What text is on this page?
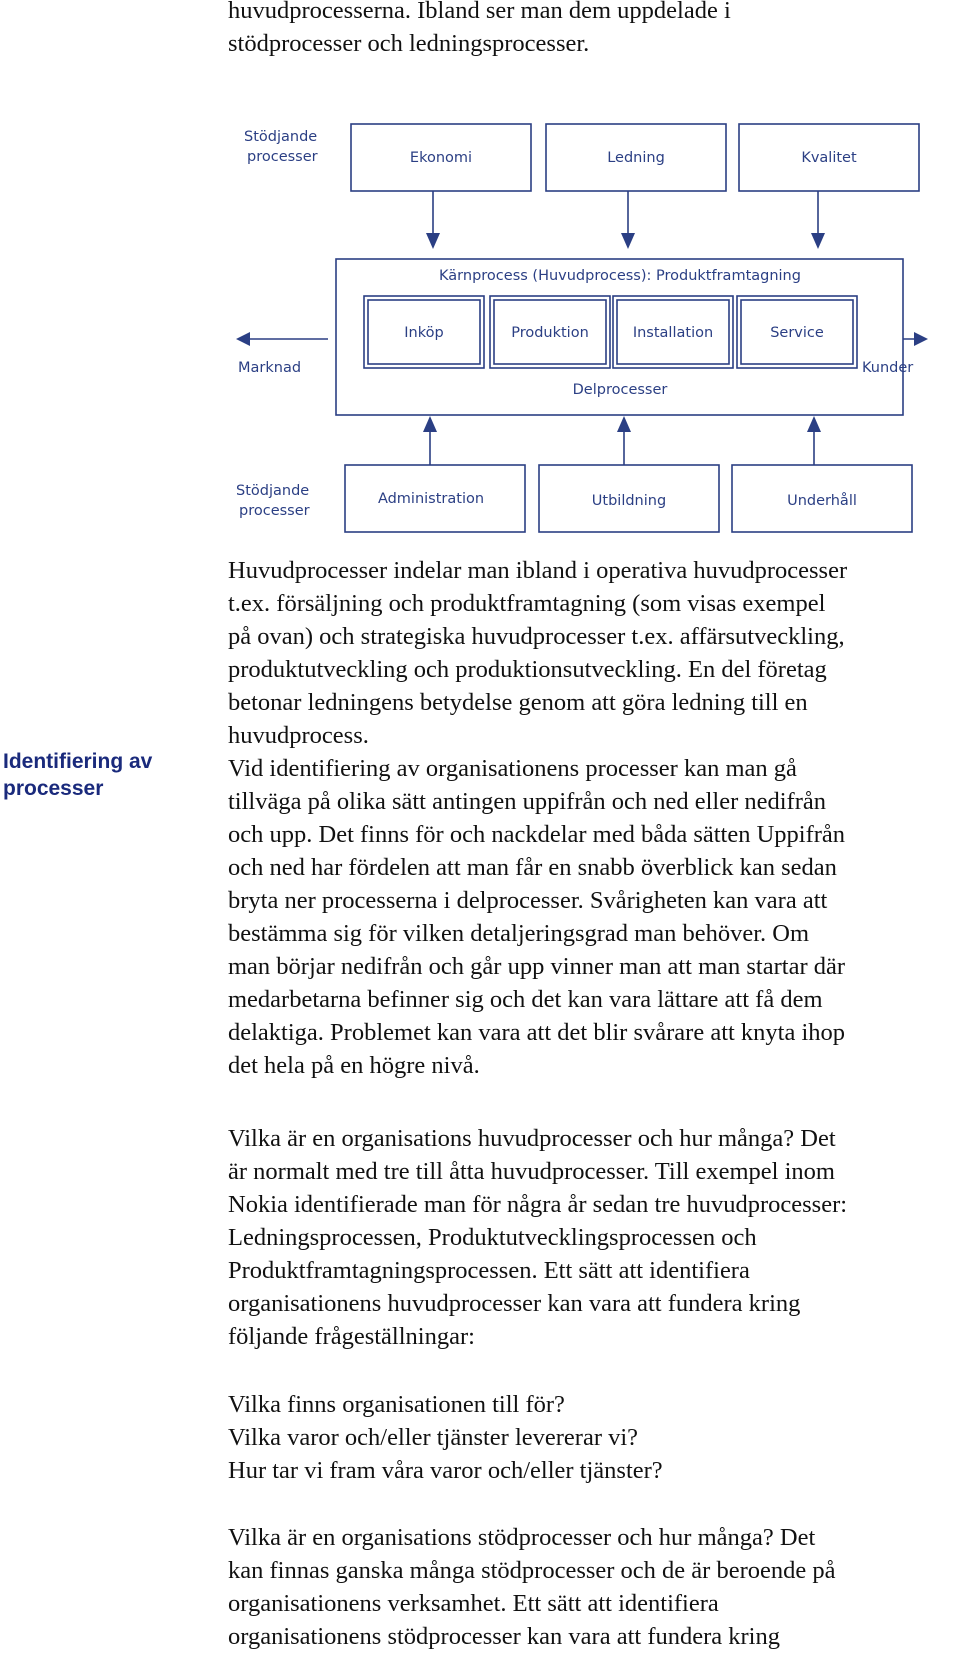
huvudprocesserna. Ibland ser man dem uppdelade i
stödprocesser och ledningsprocesser.
Stödjande
processer	Ekonomi	Ledning	Kvalitet
Kärnprocess (Huvudprocess): Produktframtagning
Inköp	Produktion	Installation	Service
Delprocesser
Marknad	Kunder
Stödjande
processer
Administration	Utbildning	Underhåll
Identifiering av
processer
Huvudprocesser indelar man ibland i operativa huvudprocesser
t.ex. försäljning och produktframtagning (som visas exempel
på ovan) och strategiska huvudprocesser t.ex. affärsutveckling,
produktutveckling och produktionsutveckling. En del företag
betonar ledningens betydelse genom att göra ledning till en
huvudprocess.
Vid identifiering av organisationens processer kan man gå
tillväga på olika sätt antingen uppifrån och ned eller nedifrån
och upp. Det finns för och nackdelar med båda sätten Uppifrån
och ned har fördelen att man får en snabb överblick kan sedan
bryta ner processerna i delprocesser. Svårigheten kan vara att
bestämma sig för vilken detaljeringsgrad man behöver. Om
man börjar nedifrån och går upp vinner man att man startar där
medarbetarna befinner sig och det kan vara lättare att få dem
delaktiga. Problemet kan vara att det blir svårare att knyta ihop
det hela på en högre nivå.
Vilka är en organisations huvudprocesser och hur många? Det
är normalt med tre till åtta huvudprocesser. Till exempel inom
Nokia identifierade man för några år sedan tre huvudprocesser:
Ledningsprocessen, Produktutvecklingsprocessen och
Produktframtagningsprocessen. Ett sätt att identifiera
organisationens huvudprocesser kan vara att fundera kring
följande frågeställningar:
Vilka finns organisationen till för?
Vilka varor och/eller tjänster levererar vi?
Hur tar vi fram våra varor och/eller tjänster?
Vilka är en organisations stödprocesser och hur många? Det
kan finnas ganska många stödprocesser och de är beroende på
organisationens verksamhet. Ett sätt att identifiera
organisationens stödprocesser kan vara att fundera kring
